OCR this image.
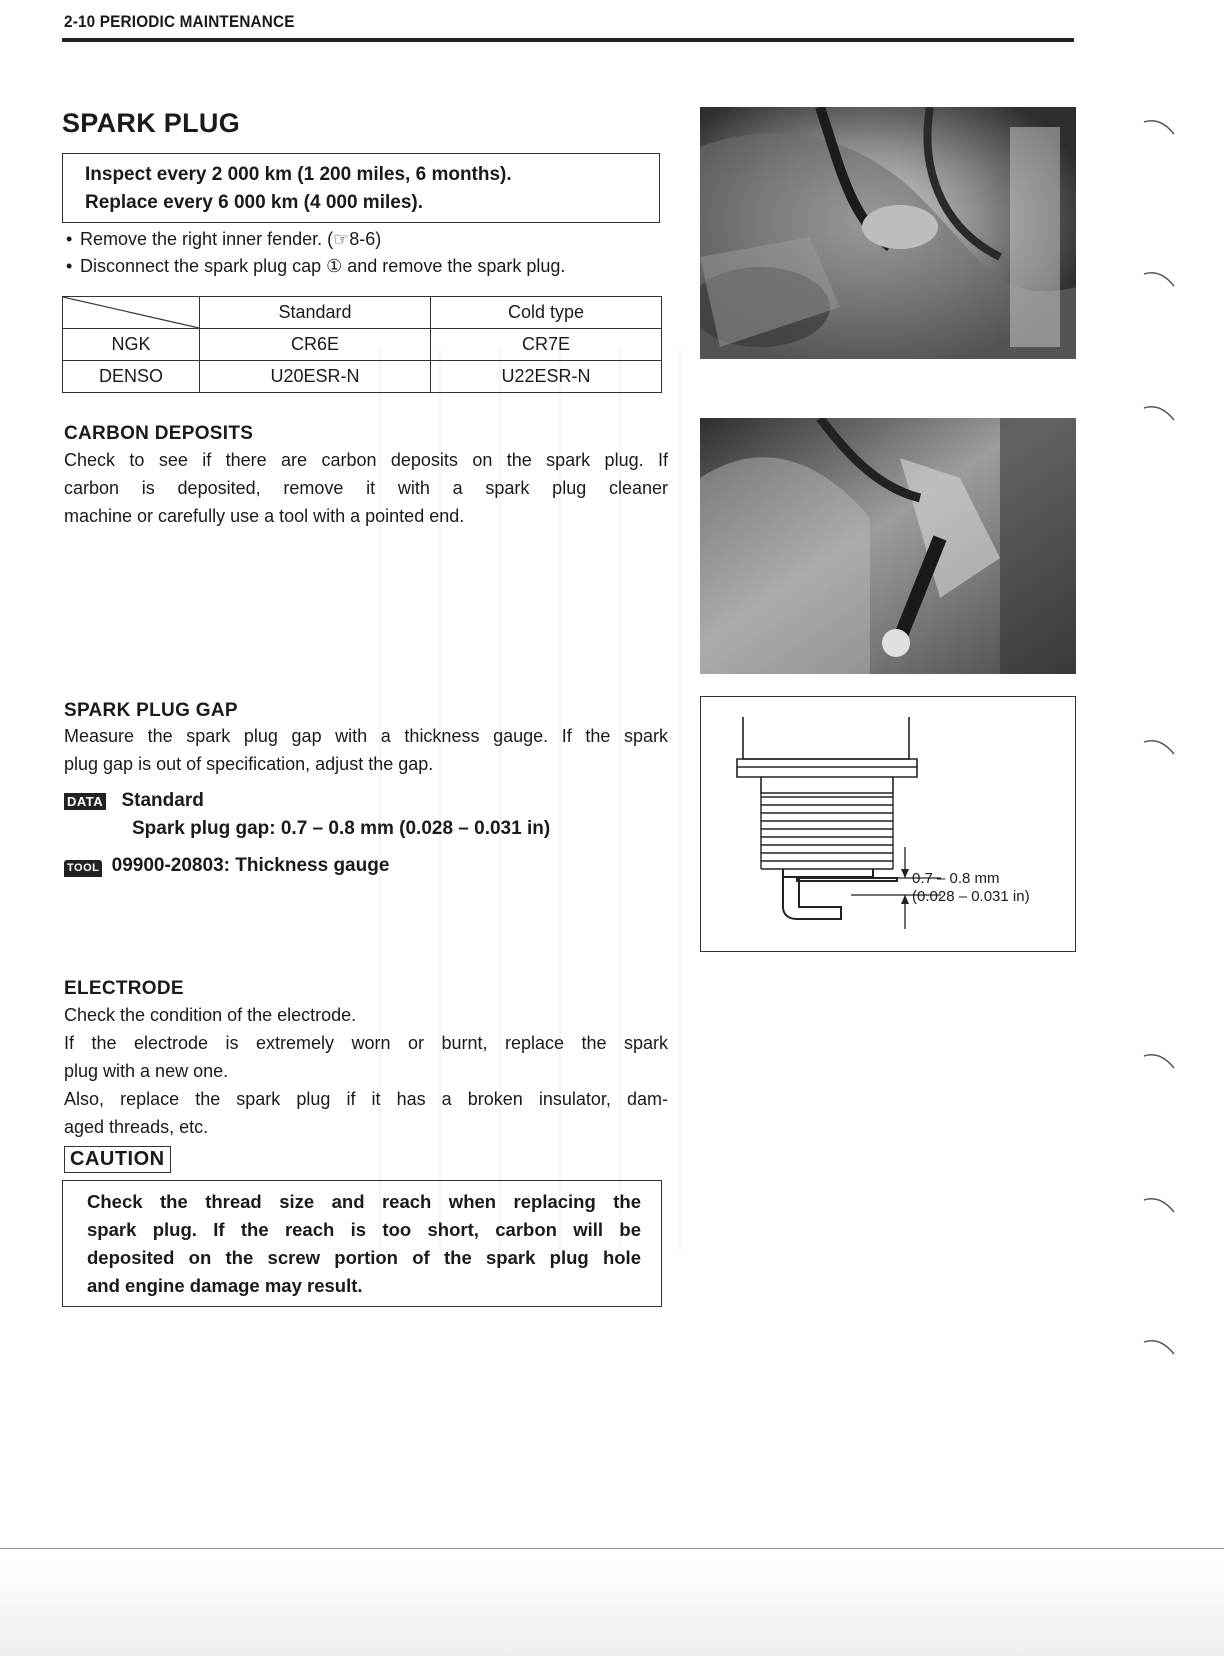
2-10 PERIODIC MAINTENANCE
SPARK PLUG
Inspect every 2 000 km (1 200 miles, 6 months).
Replace every 6 000 km (4 000 miles).
• Remove the right inner fender. (☞8-6)
• Disconnect the spark plug cap ① and remove the spark plug.
	Standard	Cold type
NGK	CR6E	CR7E
DENSO	U20ESR-N	U22ESR-N
CARBON DEPOSITS
Check to see if there are carbon deposits on the spark plug. If
carbon is deposited, remove it with a spark plug cleaner
machine or carefully use a tool with a pointed end.
SPARK PLUG GAP
Measure the spark plug gap with a thickness gauge. If the spark
plug gap is out of specification, adjust the gap.
DATA Standard
Spark plug gap: 0.7 – 0.8 mm (0.028 – 0.031 in)
TOOL 09900-20803: Thickness gauge
ELECTRODE
Check the condition of the electrode.
If the electrode is extremely worn or burnt, replace the spark
plug with a new one.
Also, replace the spark plug if it has a broken insulator, dam-
aged threads, etc.
CAUTION
Check the thread size and reach when replacing the
spark plug. If the reach is too short, carbon will be
deposited on the screw portion of the spark plug hole
and engine damage may result.
0.7 – 0.8 mm
(0.028 – 0.031 in)
